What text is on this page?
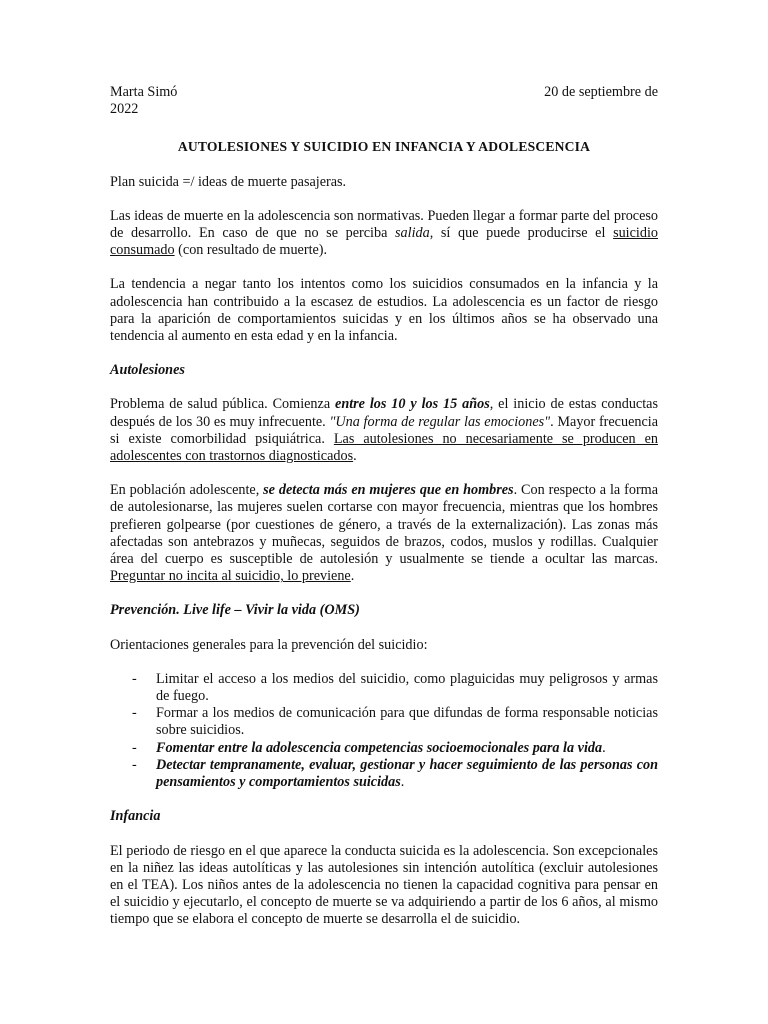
Marta Simó	20 de septiembre de
2022
AUTOLESIONES Y SUICIDIO EN INFANCIA Y ADOLESCENCIA

Plan suicida =/ ideas de muerte pasajeras.

Las ideas de muerte en la adolescencia son normativas. Pueden llegar a formar parte del proceso de desarrollo. En caso de que no se perciba salida, sí que puede producirse el suicidio consumado (con resultado de muerte).

La tendencia a negar tanto los intentos como los suicidios consumados en la infancia y la adolescencia han contribuido a la escasez de estudios. La adolescencia es un factor de riesgo para la aparición de comportamientos suicidas y en los últimos años se ha observado una tendencia al aumento en esta edad y en la infancia.

Autolesiones

Problema de salud pública. Comienza entre los 10 y los 15 años, el inicio de estas conductas después de los 30 es muy infrecuente. "Una forma de regular las emociones". Mayor frecuencia si existe comorbilidad psiquiátrica. Las autolesiones no necesariamente se producen en adolescentes con trastornos diagnosticados.

En población adolescente, se detecta más en mujeres que en hombres. Con respecto a la forma de autolesionarse, las mujeres suelen cortarse con mayor frecuencia, mientras que los hombres prefieren golpearse (por cuestiones de género, a través de la externalización). Las zonas más afectadas son antebrazos y muñecas, seguidos de brazos, codos, muslos y rodillas. Cualquier área del cuerpo es susceptible de autolesión y usualmente se tiende a ocultar las marcas. Preguntar no incita al suicidio, lo previene.

Prevención. Live life – Vivir la vida (OMS)

Orientaciones generales para la prevención del suicidio:

- Limitar el acceso a los medios del suicidio, como plaguicidas muy peligrosos y armas de fuego.
- Formar a los medios de comunicación para que difundas de forma responsable noticias sobre suicidios.
- Fomentar entre la adolescencia competencias socioemocionales para la vida.
- Detectar tempranamente, evaluar, gestionar y hacer seguimiento de las personas con pensamientos y comportamientos suicidas.
Infancia

El periodo de riesgo en el que aparece la conducta suicida es la adolescencia. Son excepcionales en la niñez las ideas autolíticas y las autolesiones sin intención autolítica (excluir autolesiones en el TEA). Los niños antes de la adolescencia no tienen la capacidad cognitiva para pensar en el suicidio y ejecutarlo, el concepto de muerte se va adquiriendo a partir de los 6 años, al mismo tiempo que se elabora el concepto de muerte se desarrolla el de suicidio.
